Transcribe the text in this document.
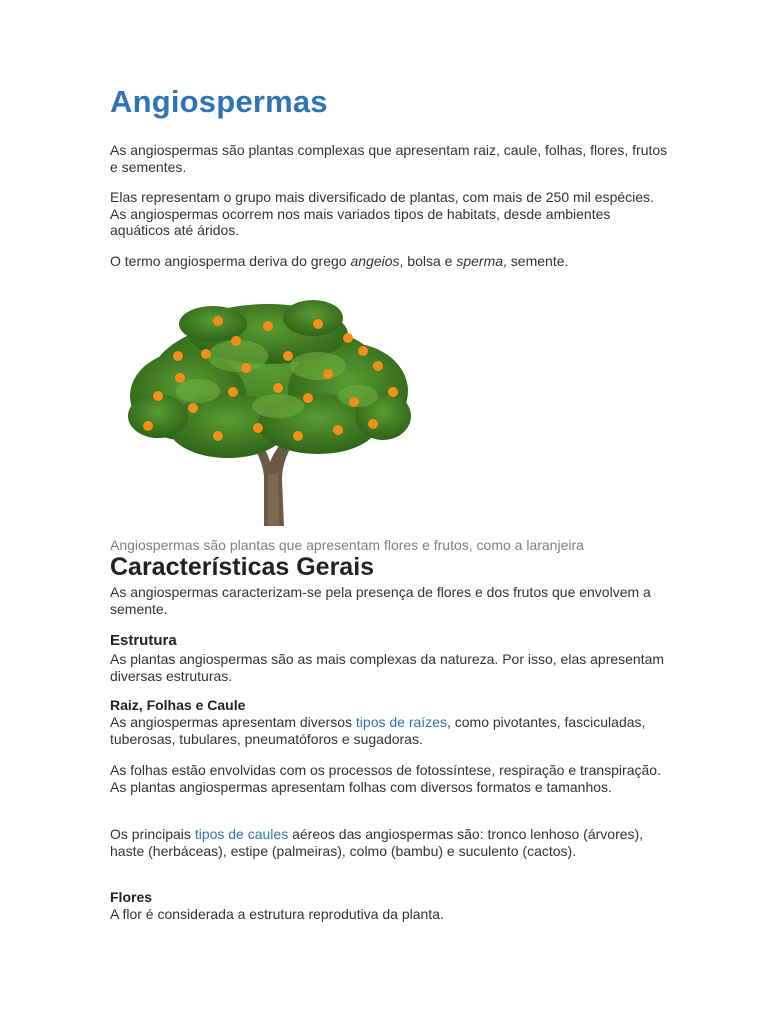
Angiospermas

As angiospermas são plantas complexas que apresentam raiz, caule, folhas, flores, frutos e sementes.

Elas representam o grupo mais diversificado de plantas, com mais de 250 mil espécies. As angiospermas ocorrem nos mais variados tipos de habitats, desde ambientes aquáticos até áridos.

O termo angiosperma deriva do grego angeios, bolsa e sperma, semente.

Angiospermas são plantas que apresentam flores e frutos, como a laranjeira

Características Gerais

As angiospermas caracterizam-se pela presença de flores e dos frutos que envolvem a semente.

Estrutura

As plantas angiospermas são as mais complexas da natureza. Por isso, elas apresentam diversas estruturas.

Raiz, Folhas e Caule

As angiospermas apresentam diversos tipos de raízes, como pivotantes, fasciculadas, tuberosas, tubulares, pneumatóforos e sugadoras.

As folhas estão envolvidas com os processos de fotossíntese, respiração e transpiração. As plantas angiospermas apresentam folhas com diversos formatos e tamanhos.

Os principais tipos de caules aéreos das angiospermas são: tronco lenhoso (árvores), haste (herbáceas), estipe (palmeiras), colmo (bambu) e suculento (cactos).

Flores

A flor é considerada a estrutura reprodutiva da planta.
